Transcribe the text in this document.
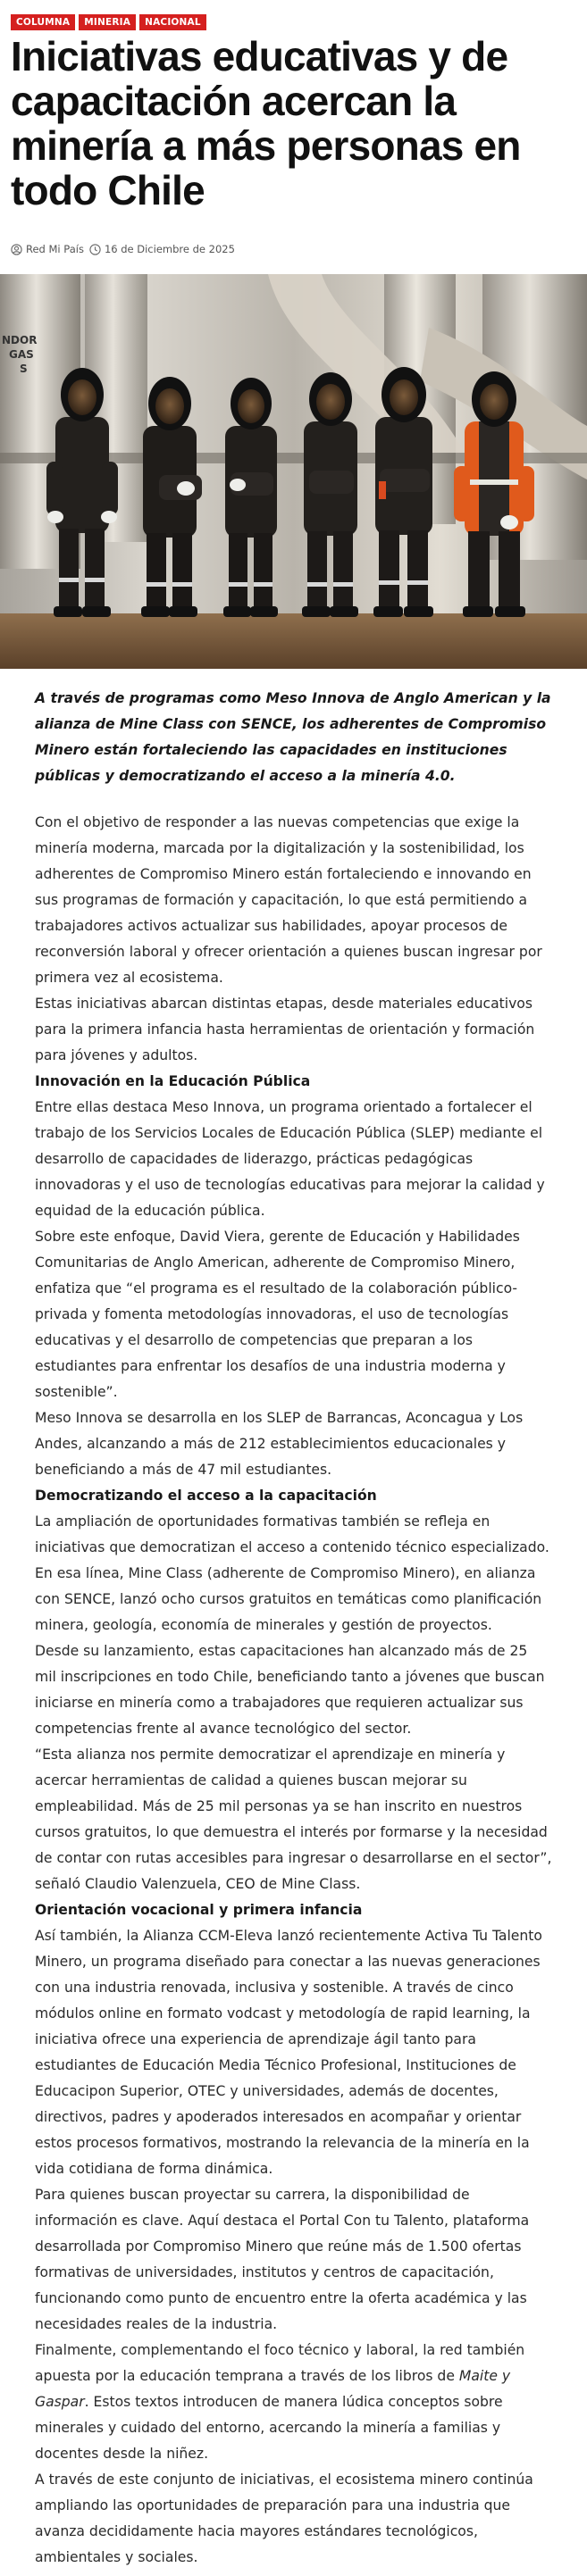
COLUMNA	MINERIA	NACIONAL
Iniciativas educativas y de capacitación acercan la minería a más personas en todo Chile
Red Mi País 16 de Diciembre de 2025
NDOR
GAS
S

A través de programas como Meso Innova de Anglo American y la alianza de Mine Class con SENCE, los adherentes de Compromiso Minero están fortaleciendo las capacidades en instituciones públicas y democratizando el acceso a la minería 4.0.

Con el objetivo de responder a las nuevas competencias que exige la minería moderna, marcada por la digitalización y la sostenibilidad, los adherentes de Compromiso Minero están fortaleciendo e innovando en sus programas de formación y capacitación, lo que está permitiendo a trabajadores activos actualizar sus habilidades, apoyar procesos de reconversión laboral y ofrecer orientación a quienes buscan ingresar por primera vez al ecosistema.

Estas iniciativas abarcan distintas etapas, desde materiales educativos para la primera infancia hasta herramientas de orientación y formación para jóvenes y adultos.

Innovación en la Educación Pública

Entre ellas destaca Meso Innova, un programa orientado a fortalecer el trabajo de los Servicios Locales de Educación Pública (SLEP) mediante el desarrollo de capacidades de liderazgo, prácticas pedagógicas innovadoras y el uso de tecnologías educativas para mejorar la calidad y equidad de la educación pública.

Sobre este enfoque, David Viera, gerente de Educación y Habilidades Comunitarias de Anglo American, adherente de Compromiso Minero, enfatiza que “el programa es el resultado de la colaboración público-privada y fomenta metodologías innovadoras, el uso de tecnologías educativas y el desarrollo de competencias que preparan a los estudiantes para enfrentar los desafíos de una industria moderna y sostenible”.

Meso Innova se desarrolla en los SLEP de Barrancas, Aconcagua y Los Andes, alcanzando a más de 212 establecimientos educacionales y beneficiando a más de 47 mil estudiantes.

Democratizando el acceso a la capacitación

La ampliación de oportunidades formativas también se refleja en iniciativas que democratizan el acceso a contenido técnico especializado. En esa línea, Mine Class (adherente de Compromiso Minero), en alianza con SENCE, lanzó ocho cursos gratuitos en temáticas como planificación minera, geología, economía de minerales y gestión de proyectos.

Desde su lanzamiento, estas capacitaciones han alcanzado más de 25 mil inscripciones en todo Chile, beneficiando tanto a jóvenes que buscan iniciarse en minería como a trabajadores que requieren actualizar sus competencias frente al avance tecnológico del sector.

“Esta alianza nos permite democratizar el aprendizaje en minería y acercar herramientas de calidad a quienes buscan mejorar su empleabilidad. Más de 25 mil personas ya se han inscrito en nuestros cursos gratuitos, lo que demuestra el interés por formarse y la necesidad de contar con rutas accesibles para ingresar o desarrollarse en el sector”, señaló Claudio Valenzuela, CEO de Mine Class.

Orientación vocacional y primera infancia

Así también, la Alianza CCM-Eleva lanzó recientemente Activa Tu Talento Minero, un programa diseñado para conectar a las nuevas generaciones con una industria renovada, inclusiva y sostenible. A través de cinco módulos online en formato vodcast y metodología de rapid learning, la iniciativa ofrece una experiencia de aprendizaje ágil tanto para estudiantes de Educación Media Técnico Profesional, Instituciones de Educacipon Superior, OTEC y universidades, además de docentes, directivos, padres y apoderados interesados en acompañar y orientar estos procesos formativos, mostrando la relevancia de la minería en la vida cotidiana de forma dinámica.

Para quienes buscan proyectar su carrera, la disponibilidad de información es clave. Aquí destaca el Portal Con tu Talento, plataforma desarrollada por Compromiso Minero que reúne más de 1.500 ofertas formativas de universidades, institutos y centros de capacitación, funcionando como punto de encuentro entre la oferta académica y las necesidades reales de la industria.

Finalmente, complementando el foco técnico y laboral, la red también apuesta por la educación temprana a través de los libros de Maite y Gaspar. Estos textos introducen de manera lúdica conceptos sobre minerales y cuidado del entorno, acercando la minería a familias y docentes desde la niñez.

A través de este conjunto de iniciativas, el ecosistema minero continúa ampliando las oportunidades de preparación para una industria que avanza decididamente hacia mayores estándares tecnológicos, ambientales y sociales.
